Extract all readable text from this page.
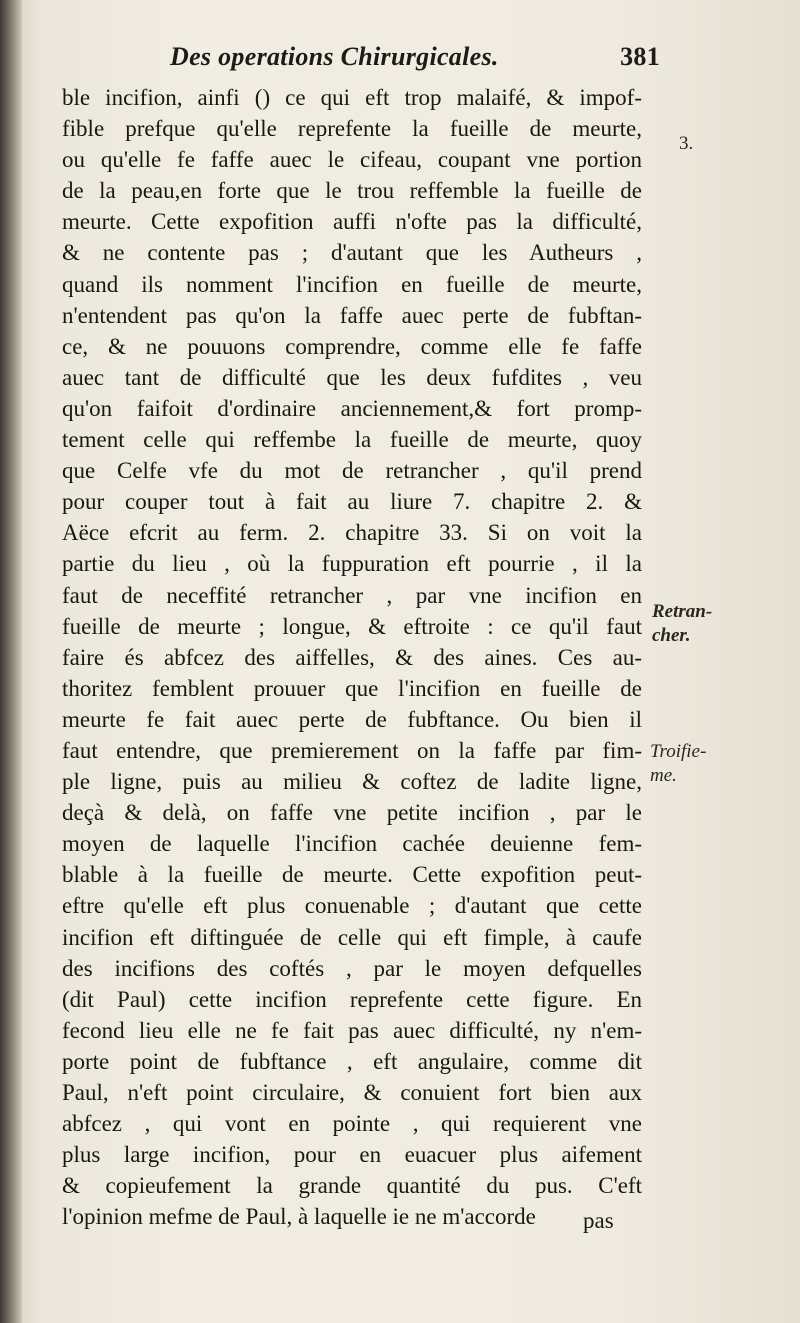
Des operations Chirurgicales.	381
ble incifion, ainfi () ce qui eft trop malaifé, & impof-
fible prefque qu'elle reprefente la fueille de meurte,
ou qu'elle fe faffe auec le cifeau, coupant vne portion
de la peau,en forte que le trou reffemble la fueille de
meurte. Cette expofition auffi n'ofte pas la difficulté,
& ne contente pas ; d'autant que les Autheurs ,
quand ils nomment l'incifion en fueille de meurte,
n'entendent pas qu'on la faffe auec perte de fubftan-
ce, & ne pouuons comprendre, comme elle fe faffe
auec tant de difficulté que les deux fufdites , veu
qu'on faifoit d'ordinaire anciennement,& fort promp-
tement celle qui reffembe la fueille de meurte, quoy
que Celfe vfe du mot de retrancher , qu'il prend
pour couper tout à fait au liure 7. chapitre 2. &
Aëce efcrit au ferm. 2. chapitre 33. Si on voit la
partie du lieu , où la fuppuration eft pourrie , il la
faut de neceffité retrancher , par vne incifion en
fueille de meurte ; longue, & eftroite : ce qu'il faut
faire és abfcez des aiffelles, & des aines. Ces au-
thoritez femblent prouuer que l'incifion en fueille de
meurte fe fait auec perte de fubftance. Ou bien il
faut entendre, que premierement on la faffe par fim-
ple ligne, puis au milieu & coftez de ladite ligne,
deçà & delà, on faffe vne petite incifion , par le
moyen de laquelle l'incifion cachée deuienne fem-
blable à la fueille de meurte. Cette expofition peut-
eftre qu'elle eft plus conuenable ; d'autant que cette
incifion eft diftinguée de celle qui eft fimple, à caufe
des incifions des coftés , par le moyen defquelles
(dit Paul) cette incifion reprefente cette figure. En
fecond lieu elle ne fe fait pas auec difficulté, ny n'em-
porte point de fubftance , eft angulaire, comme dit
Paul, n'eft point circulaire, & conuient fort bien aux
abfcez , qui vont en pointe , qui requierent vne
plus large incifion, pour en euacuer plus aifement
& copieufement la grande quantité du pus. C'eft
l'opinion mefme de Paul, à laquelle ie ne m'accorde	pas
3.
Retran-
cher.
Troifie-
me.
